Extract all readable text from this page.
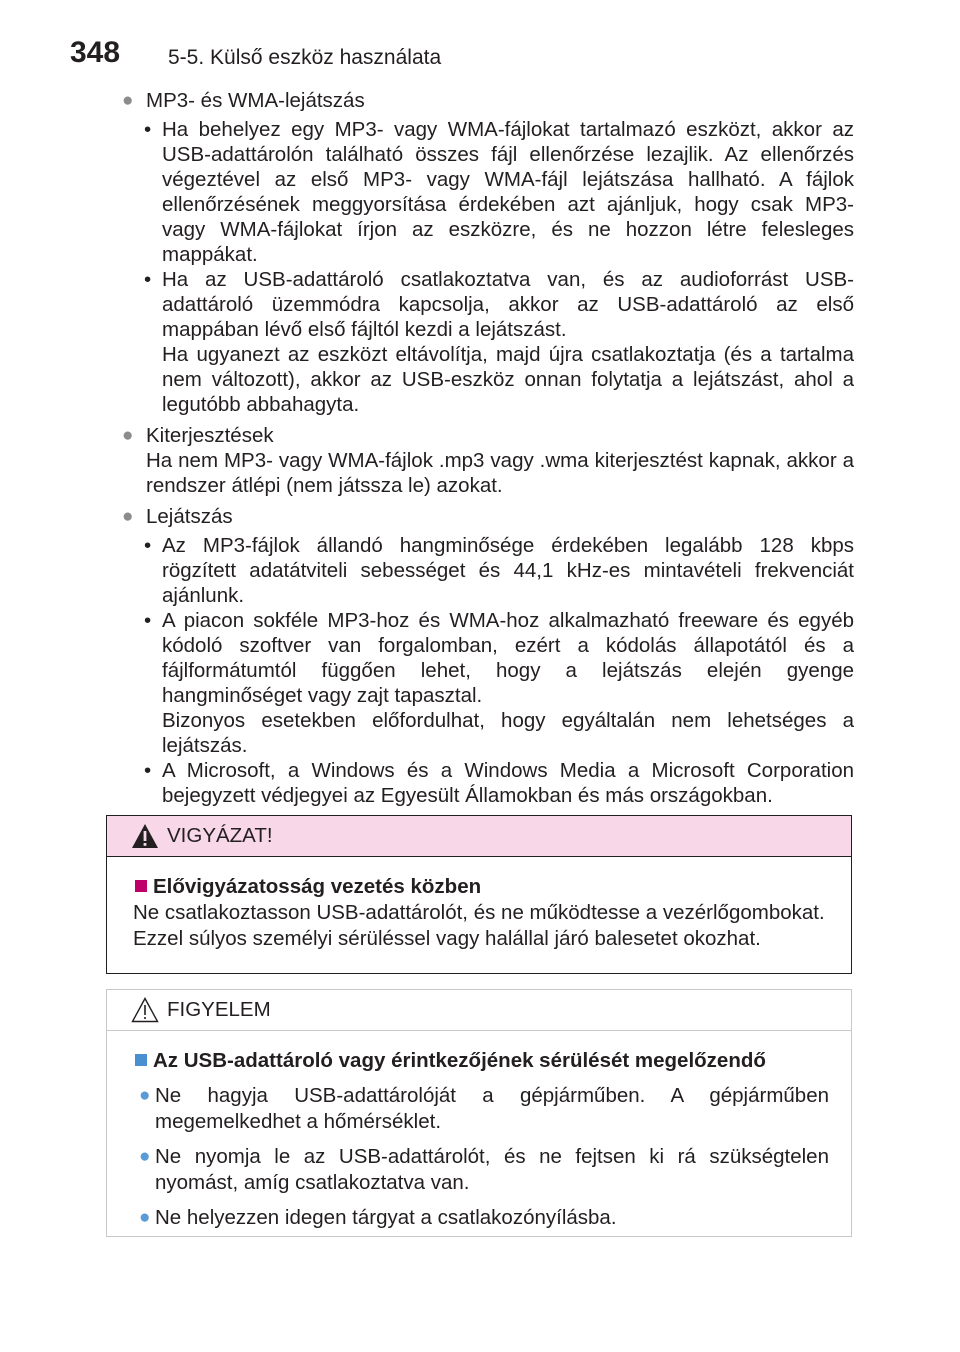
348 5-5. Külső eszköz használata
● MP3- és WMA-lejátszás
• Ha behelyez egy MP3- vagy WMA-fájlokat tartalmazó eszközt, akkor az USB-adattárolón található összes fájl ellenőrzése lezajlik. Az ellenőrzés végeztével az első MP3- vagy WMA-fájl lejátszása hallható. A fájlok ellenőrzésének meggyorsítása érdekében azt ajánljuk, hogy csak MP3- vagy WMA-fájlokat írjon az eszközre, és ne hozzon létre felesleges mappákat.
• Ha az USB-adattároló csatlakoztatva van, és az audioforrást USB-adattároló üzemmódra kapcsolja, akkor az USB-adattároló az első mappában lévő első fájltól kezdi a lejátszást.
Ha ugyanezt az eszközt eltávolítja, majd újra csatlakoztatja (és a tartalma nem változott), akkor az USB-eszköz onnan folytatja a lejátszást, ahol a legutóbb abbahagyta.
● Kiterjesztések
Ha nem MP3- vagy WMA-fájlok .mp3 vagy .wma kiterjesztést kapnak, akkor a rendszer átlépi (nem játssza le) azokat.
● Lejátszás
• Az MP3-fájlok állandó hangminősége érdekében legalább 128 kbps rögzített adatátviteli sebességet és 44,1 kHz-es mintavételi frekvenciát ajánlunk.
• A piacon sokféle MP3-hoz és WMA-hoz alkalmazható freeware és egyéb kódoló szoftver van forgalomban, ezért a kódolás állapotától és a fájlformátumtól függően lehet, hogy a lejátszás elején gyenge hangminőséget vagy zajt tapasztal.
Bizonyos esetekben előfordulhat, hogy egyáltalán nem lehetséges a lejátszás.
• A Microsoft, a Windows és a Windows Media a Microsoft Corporation bejegyzett védjegyei az Egyesült Államokban és más országokban.
VIGYÁZAT!
Elővigyázatosság vezetés közben
Ne csatlakoztasson USB-adattárolót, és ne működtesse a vezérlőgombokat. Ezzel súlyos személyi sérüléssel vagy halállal járó balesetet okozhat.
FIGYELEM
Az USB-adattároló vagy érintkezőjének sérülését megelőzendő
● Ne hagyja USB-adattárolóját a gépjárműben. A gépjárműben megemelkedhet a hőmérséklet.
● Ne nyomja le az USB-adattárolót, és ne fejtsen ki rá szükségtelen nyomást, amíg csatlakoztatva van.
● Ne helyezzen idegen tárgyat a csatlakozónyílásba.
